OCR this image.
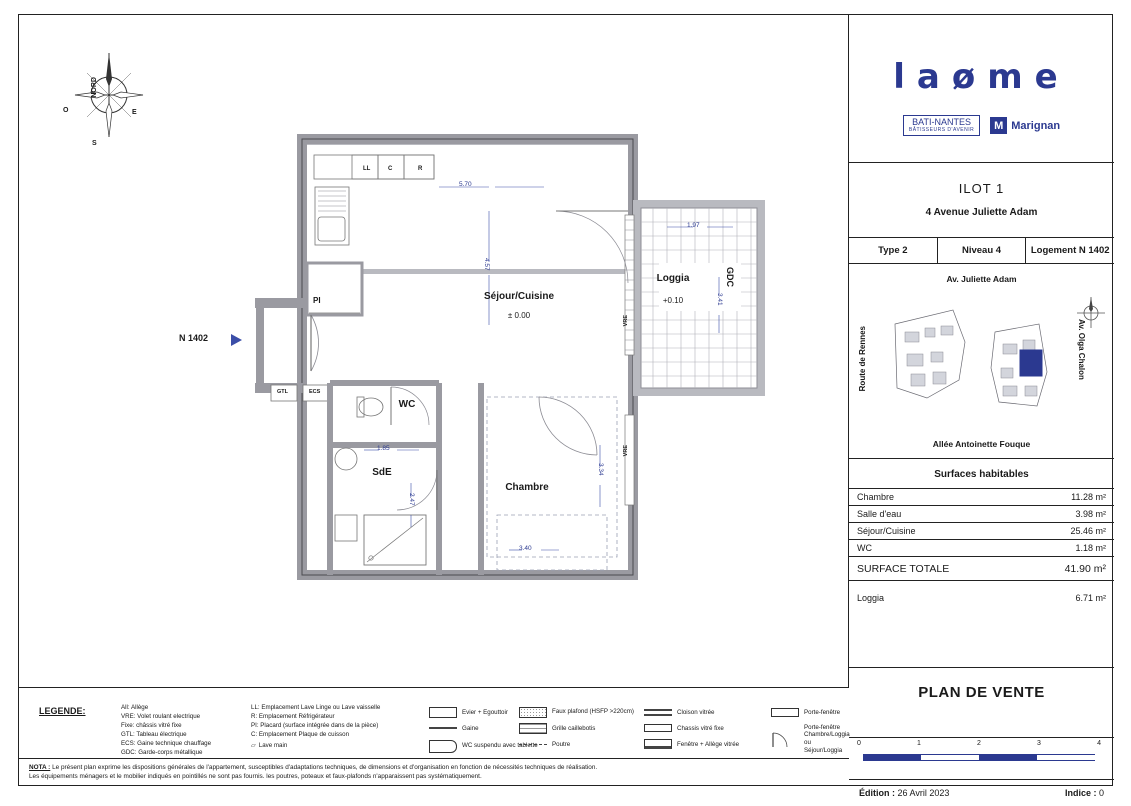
NORD
S
E
O
N 1402
Séjour/Cuisine
± 0.00
Loggia
+0.10
Chambre
SdE
WC
LL	C	R
PI
GTL	ECS
GDC
VRE
VRE
5.70
4.57
1.97
3.41
1.85
2.47
3.34
3.40
LEGENDE:	All: Allège
VRE: Volet roulant electrique
Fixe: châssis vitré fixe
GTL: Tableau électrique
ECS: Gaine technique chauffage
GDC: Garde-corps métallique
LL: Emplacement Lave Linge ou Lave vaisselle
R: Emplacement Réfrigérateur
PI: Placard (surface intégrée dans de la pièce)
C: Emplacement Plaque de cuisson
▱ Lave main
Evier + Egouttoir
Gaine
WC suspendu avec tablette
Faux plafond (HSFP >220cm)
Grille caillebotis
Poutre
Cloison vitrée
Chassis vitré fixe
Fenêtre + Allège vitrée
Porte-fenêtre
Porte-fenêtre Chambre/Loggia ou Séjour/Loggia
NOTA : Le présent plan exprime les dispositions générales de l'appartement, susceptibles d'adaptations techniques, de dimensions et d'organisation en fonction de nécessités techniques de réalisation.
Les équipements ménagers et le mobilier indiqués en pointillés ne sont pas fournis. les poutres, poteaux et faux-plafonds n'apparaissent pas systématiquement.
laøme
BATI-NANTES
BÂTISSEURS D'AVENIR	M Marignan
ILOT 1
4 Avenue Juliette Adam
Type 2	Niveau 4	Logement N 1402
Av. Juliette Adam
Route de Rennes	Av. Olga Chalon
Allée Antoinette Fouque
Surfaces habitables
Chambre	11.28 m²
Salle d'eau	3.98 m²
Séjour/Cuisine	25.46 m²
WC	1.18 m²
SURFACE TOTALE	41.90 m²
Loggia	6.71 m²
PLAN DE VENTE
0	1	2	3	4
Édition : 26 Avril 2023	Indice : 0
